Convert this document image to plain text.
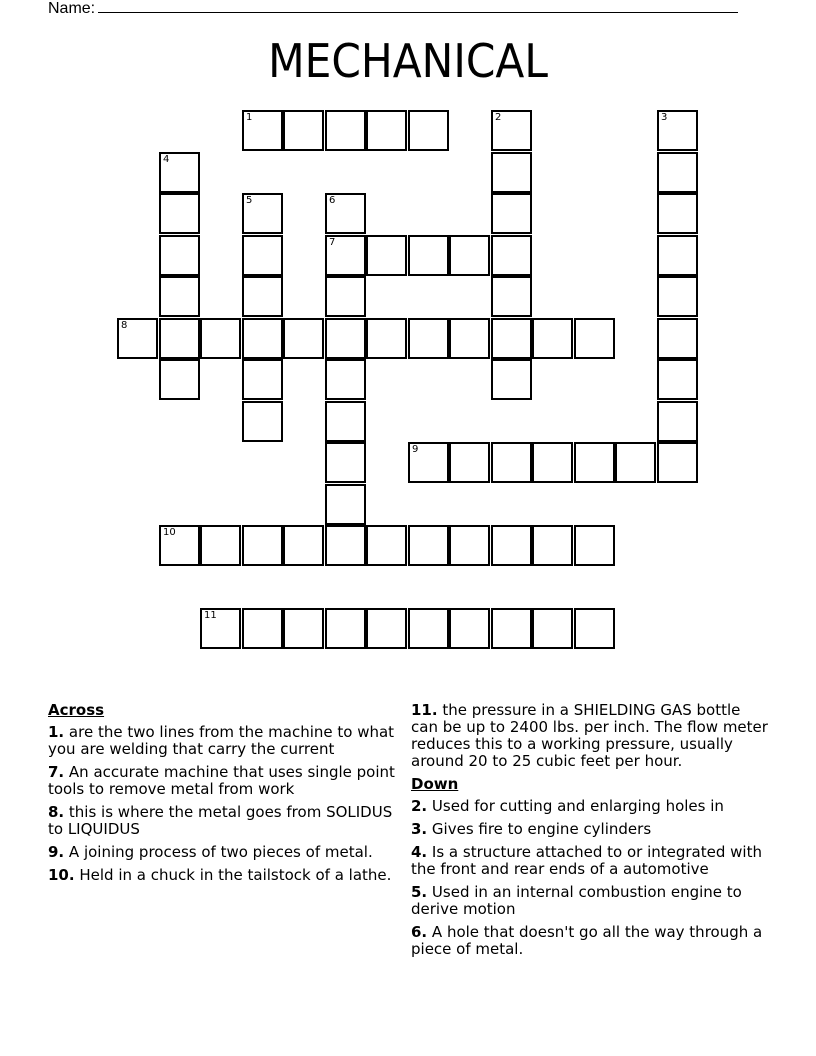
Name:
MECHANICAL
1	2	3
4
5	6
7
8
9
10
11
Across
1. are the two lines from the machine to what you are welding that carry the current
7. An accurate machine that uses single point tools to remove metal from work
8. this is where the metal goes from SOLIDUS to LIQUIDUS
9. A joining process of two pieces of metal.
10. Held in a chuck in the tailstock of a lathe.
11. the pressure in a SHIELDING GAS bottle can be up to 2400 lbs. per inch. The flow meter reduces this to a working pressure, usually around 20 to 25 cubic feet per hour.
Down
2. Used for cutting and enlarging holes in
3. Gives fire to engine cylinders
4. Is a structure attached to or integrated with the front and rear ends of a automotive
5. Used in an internal combustion engine to derive motion
6. A hole that doesn't go all the way through a piece of metal.
